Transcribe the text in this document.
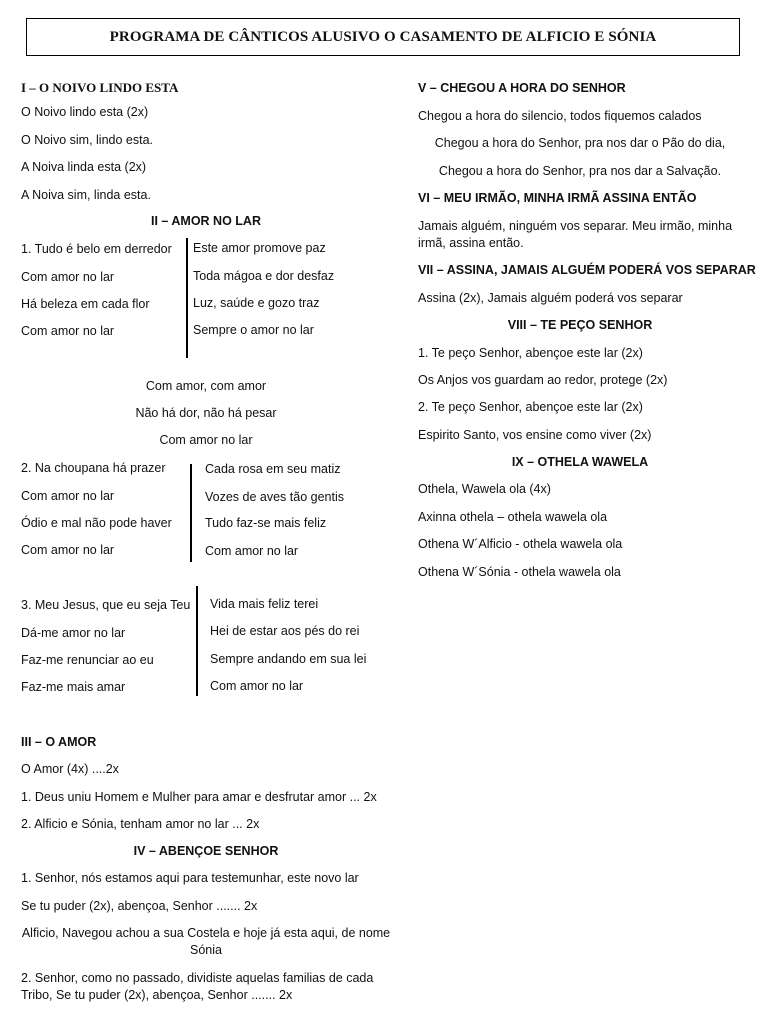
PROGRAMA DE CÂNTICOS ALUSIVO O CASAMENTO DE ALFICIO E SÓNIA
I – O NOIVO LINDO ESTA
O Noivo lindo esta (2x)
O Noivo sim, lindo esta.
A Noiva linda esta (2x)
A Noiva sim, linda esta.
II – AMOR NO LAR
1. Tudo é belo em derredor
Com amor no lar
Há beleza em cada flor
Com amor no lar
Este amor promove paz
Toda mágoa e dor desfaz
Luz, saúde e gozo traz
Sempre o amor no lar
Com amor, com amor
Não há dor, não há pesar
Com amor no lar
2. Na choupana há prazer
Com amor no lar
Ódio e mal não pode haver
Com amor no lar
Cada rosa em seu matiz
Vozes de aves tão gentis
Tudo faz-se mais feliz
Com amor no lar
3. Meu Jesus, que eu seja Teu
Dá-me amor no lar
Faz-me renunciar ao eu
Faz-me mais amar
Vida mais feliz terei
Hei de estar aos pés do rei
Sempre andando em sua lei
Com amor no lar
III – O AMOR
O Amor (4x) ....2x
1. Deus uniu Homem e Mulher para amar e desfrutar amor ... 2x
2. Alficio e Sónia, tenham amor no lar ... 2x
IV – ABENÇOE SENHOR
1. Senhor, nós estamos aqui para testemunhar, este novo lar
Se tu puder (2x), abençoa, Senhor ....... 2x
Alficio, Navegou achou a sua Costela e hoje já esta aqui, de nome Sónia
2. Senhor, como no passado, dividiste aquelas familias de cada Tribo, Se tu puder (2x), abençoa, Senhor ....... 2x
V – CHEGOU A HORA DO SENHOR
Chegou a hora do silencio, todos fiquemos calados
Chegou a hora do Senhor, pra nos dar o Pão do dia,
Chegou a hora do Senhor, pra nos dar a Salvação.
VI – MEU IRMÃO, MINHA IRMÃ ASSINA ENTÃO
Jamais alguém, ninguém vos separar. Meu irmão, minha irmã, assina então.
VII – ASSINA, JAMAIS ALGUÉM PODERÁ VOS SEPARAR
Assina (2x), Jamais alguém poderá vos separar
VIII – TE PEÇO SENHOR
1. Te peço Senhor, abençoe este lar (2x)
Os Anjos vos guardam ao redor, protege (2x)
2. Te peço Senhor, abençoe este lar (2x)
Espirito Santo, vos ensine como viver (2x)
IX – OTHELA WAWELA
Othela, Wawela ola (4x)
Axinna othela – othela wawela ola
Othena W´Alficio - othela wawela ola
Othena W´Sónia - othela wawela ola
